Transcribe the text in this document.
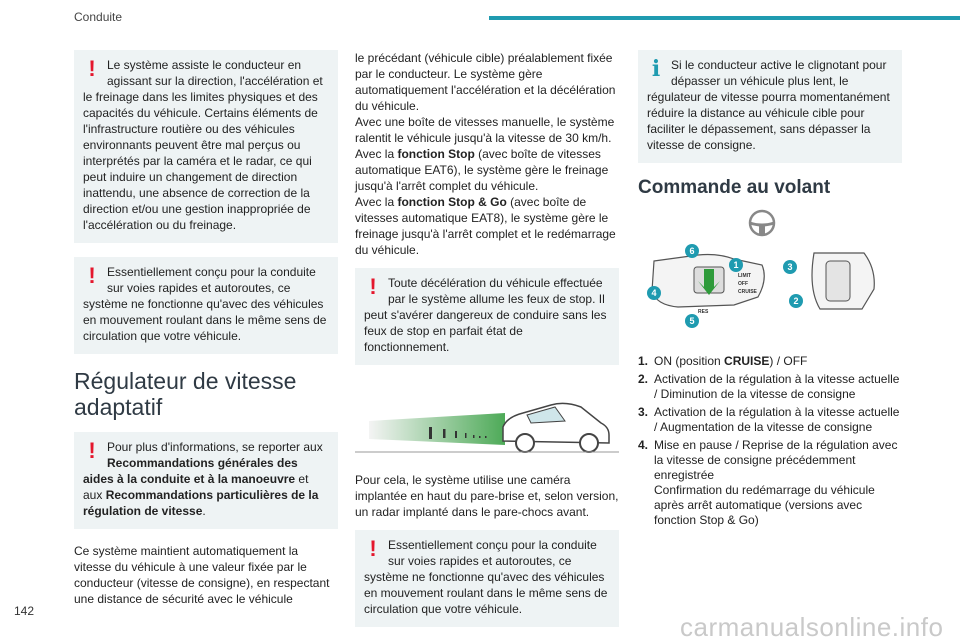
Conduite
! Le système assiste le conducteur en agissant sur la direction, l'accélération et le freinage dans les limites physiques et des capacités du véhicule. Certains éléments de l'infrastructure routière ou des véhicules environnants peuvent être mal perçus ou interprétés par la caméra et le radar, ce qui peut induire un changement de direction inattendu, une absence de correction de la direction et/ou une gestion inappropriée de l'accélération ou du freinage.
! Essentiellement conçu pour la conduite sur voies rapides et autoroutes, ce système ne fonctionne qu'avec des véhicules en mouvement roulant dans le même sens de circulation que votre véhicule.
Régulateur de vitesse adaptatif
! Pour plus d'informations, se reporter aux Recommandations générales des aides à la conduite et à la manoeuvre et aux Recommandations particulières de la régulation de vitesse.
Ce système maintient automatiquement la vitesse du véhicule à une valeur fixée par le conducteur (vitesse de consigne), en respectant une distance de sécurité avec le véhicule
le précédant (véhicule cible) préalablement fixée par le conducteur. Le système gère automatiquement l'accélération et la décélération du véhicule.
Avec une boîte de vitesses manuelle, le système ralentit le véhicule jusqu'à la vitesse de 30 km/h.
Avec la fonction Stop (avec boîte de vitesses automatique EAT6), le système gère le freinage jusqu'à l'arrêt complet du véhicule.
Avec la fonction Stop & Go (avec boîte de vitesses automatique EAT8), le système gère le freinage jusqu'à l'arrêt complet et le redémarrage du véhicule.
! Toute décélération du véhicule effectuée par le système allume les feux de stop. Il peut s'avérer dangereux de conduire sans les feux de stop en parfait état de fonctionnement.
Pour cela, le système utilise une caméra implantée en haut du pare-brise et, selon version, un radar implanté dans le pare-chocs avant.
! Essentiellement conçu pour la conduite sur voies rapides et autoroutes, ce système ne fonctionne qu'avec des véhicules en mouvement roulant dans le même sens de circulation que votre véhicule.
i Si le conducteur active le clignotant pour dépasser un véhicule plus lent, le régulateur de vitesse pourra momentanément réduire la distance au véhicule cible pour faciliter le dépassement, sans dépasser la vitesse de consigne.
Commande au volant
LIMIT
OFF
CRUISE
RES
6
1
4
5
3
2
1. ON (position CRUISE) / OFF
2. Activation de la régulation à la vitesse actuelle / Diminution de la vitesse de consigne
3. Activation de la régulation à la vitesse actuelle / Augmentation de la vitesse de consigne
4. Mise en pause / Reprise de la régulation avec la vitesse de consigne précédemment enregistrée
Confirmation du redémarrage du véhicule après arrêt automatique (versions avec fonction Stop & Go)
142
carmanualsonline.info
